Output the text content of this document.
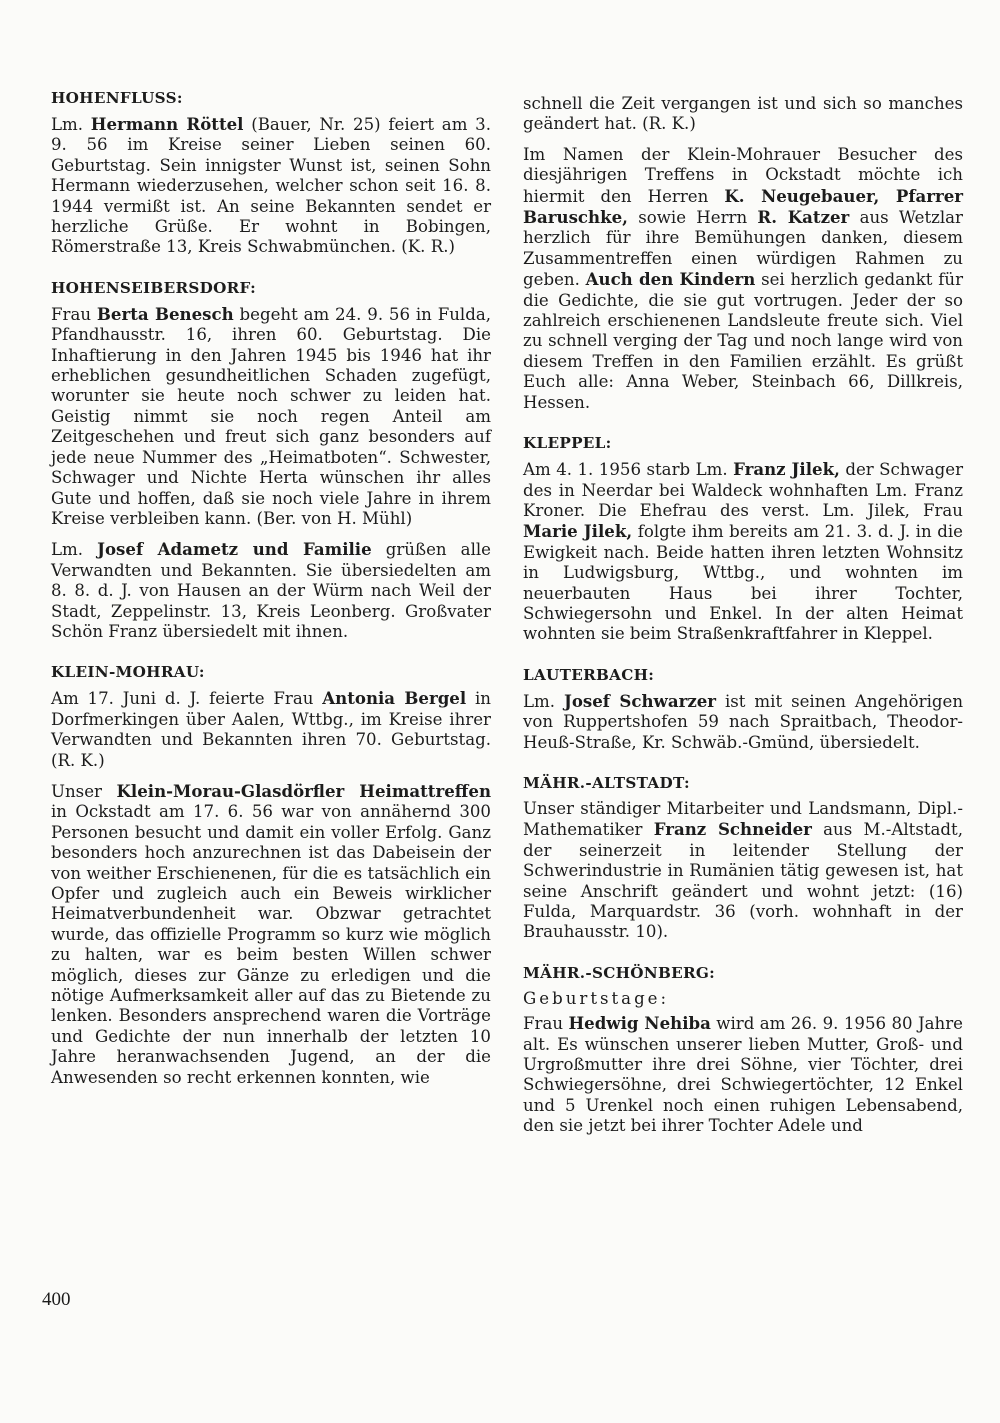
HOHENFLUSS:

Lm. Hermann Röttel (Bauer, Nr. 25) feiert am 3. 9. 56 im Kreise seiner Lieben seinen 60. Geburtstag. Sein innigster Wunst ist, seinen Sohn Hermann wiederzusehen, welcher schon seit 16. 8. 1944 vermißt ist. An seine Bekannten sendet er herzliche Grüße. Er wohnt in Bobingen, Römerstraße 13, Kreis Schwabmünchen. (K. R.)

HOHENSEIBERSDORF:

Frau Berta Benesch begeht am 24. 9. 56 in Fulda, Pfandhausstr. 16, ihren 60. Geburtstag. Die Inhaftierung in den Jahren 1945 bis 1946 hat ihr erheblichen gesundheitlichen Schaden zugefügt, worunter sie heute noch schwer zu leiden hat. Geistig nimmt sie noch regen Anteil am Zeitgeschehen und freut sich ganz besonders auf jede neue Nummer des „Heimatboten“. Schwester, Schwager und Nichte Herta wünschen ihr alles Gute und hoffen, daß sie noch viele Jahre in ihrem Kreise verbleiben kann. (Ber. von H. Mühl)

Lm. Josef Adametz und Familie grüßen alle Verwandten und Bekannten. Sie übersiedelten am 8. 8. d. J. von Hausen an der Würm nach Weil der Stadt, Zeppelinstr. 13, Kreis Leonberg. Großvater Schön Franz übersiedelt mit ihnen.

KLEIN-MOHRAU:

Am 17. Juni d. J. feierte Frau Antonia Bergel in Dorfmerkingen über Aalen, Wttbg., im Kreise ihrer Verwandten und Bekannten ihren 70. Geburtstag. (R. K.)

Unser Klein-Morau-Glasdörfler Heimattreffen in Ockstadt am 17. 6. 56 war von annähernd 300 Personen besucht und damit ein voller Erfolg. Ganz besonders hoch anzurechnen ist das Dabeisein der von weither Erschienenen, für die es tatsächlich ein Opfer und zugleich auch ein Beweis wirklicher Heimatverbundenheit war. Obzwar getrachtet wurde, das offizielle Programm so kurz wie möglich zu halten, war es beim besten Willen schwer möglich, dieses zur Gänze zu erledigen und die nötige Aufmerksamkeit aller auf das zu Bietende zu lenken. Besonders ansprechend waren die Vorträge und Gedichte der nun innerhalb der letzten 10 Jahre heranwachsenden Jugend, an der die Anwesenden so recht erkennen konnten, wie

schnell die Zeit vergangen ist und sich so manches geändert hat. (R. K.)

Im Namen der Klein-Mohrauer Besucher des diesjährigen Treffens in Ockstadt möchte ich hiermit den Herren K. Neugebauer, Pfarrer Baruschke, sowie Herrn R. Katzer aus Wetzlar herzlich für ihre Bemühungen danken, diesem Zusammentreffen einen würdigen Rahmen zu geben. Auch den Kindern sei herzlich gedankt für die Gedichte, die sie gut vortrugen. Jeder der so zahlreich erschienenen Landsleute freute sich. Viel zu schnell verging der Tag und noch lange wird von diesem Treffen in den Familien erzählt. Es grüßt Euch alle: Anna Weber, Steinbach 66, Dillkreis, Hessen.

KLEPPEL:

Am 4. 1. 1956 starb Lm. Franz Jilek, der Schwager des in Neerdar bei Waldeck wohnhaften Lm. Franz Kroner. Die Ehefrau des verst. Lm. Jilek, Frau Marie Jilek, folgte ihm bereits am 21. 3. d. J. in die Ewigkeit nach. Beide hatten ihren letzten Wohnsitz in Ludwigsburg, Wttbg., und wohnten im neuerbauten Haus bei ihrer Tochter, Schwiegersohn und Enkel. In der alten Heimat wohnten sie beim Straßenkraftfahrer in Kleppel.

LAUTERBACH:

Lm. Josef Schwarzer ist mit seinen Angehörigen von Ruppertshofen 59 nach Spraitbach, Theodor-Heuß-Straße, Kr. Schwäb.-Gmünd, übersiedelt.

MÄHR.-ALTSTADT:

Unser ständiger Mitarbeiter und Landsmann, Dipl.-Mathematiker Franz Schneider aus M.-Altstadt, der seinerzeit in leitender Stellung der Schwerindustrie in Rumänien tätig gewesen ist, hat seine Anschrift geändert und wohnt jetzt: (16) Fulda, Marquardstr. 36 (vorh. wohnhaft in der Brauhausstr. 10).

MÄHR.-SCHÖNBERG:

Geburtstage:

Frau Hedwig Nehiba wird am 26. 9. 1956 80 Jahre alt. Es wünschen unserer lieben Mutter, Groß- und Urgroßmutter ihre drei Söhne, vier Töchter, drei Schwiegersöhne, drei Schwiegertöchter, 12 Enkel und 5 Urenkel noch einen ruhigen Lebensabend, den sie jetzt bei ihrer Tochter Adele und

400
